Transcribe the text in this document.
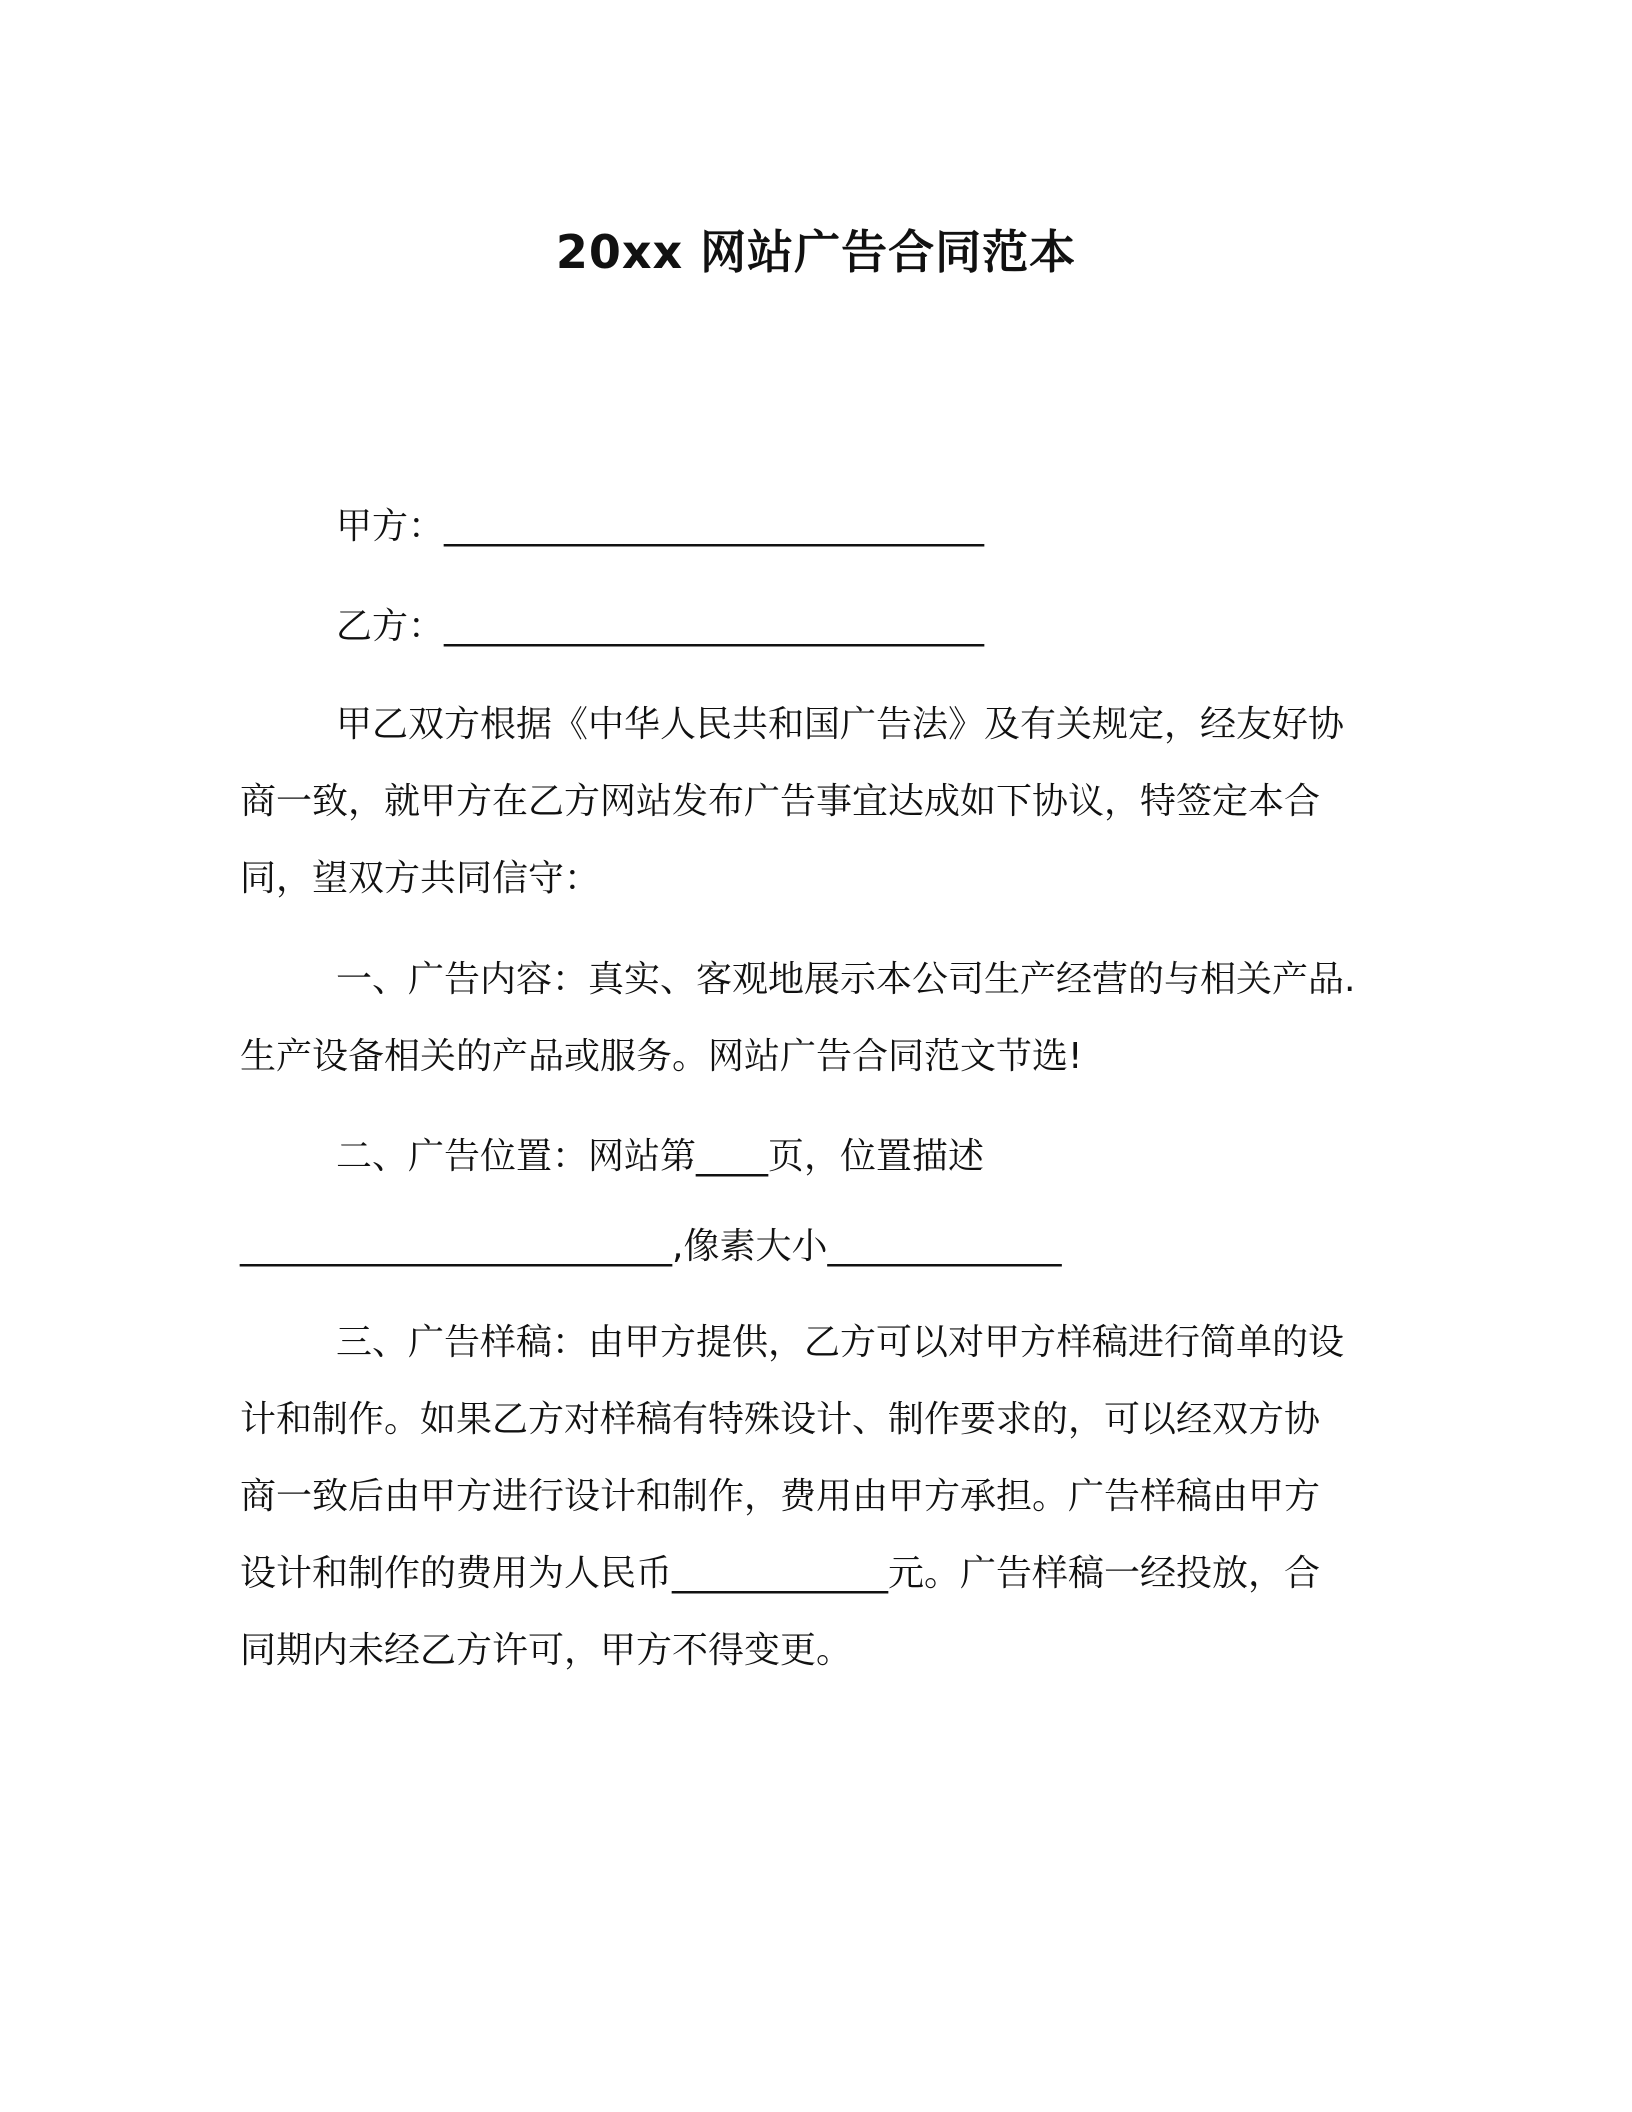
20xx 网站广告合同范本
甲方：______________________________
乙方：______________________________
甲乙双方根据《中华人民共和国广告法》及有关规定，经友好协
商一致，就甲方在乙方网站发布广告事宜达成如下协议，特签定本合
同，望双方共同信守：
一、广告内容：真实、客观地展示本公司生产经营的与相关产品.
生产设备相关的产品或服务。网站广告合同范文节选!
二、广告位置：网站第____页，位置描述
________________________,像素大小_____________
三、广告样稿：由甲方提供，乙方可以对甲方样稿进行简单的设
计和制作。如果乙方对样稿有特殊设计、制作要求的，可以经双方协
商一致后由甲方进行设计和制作，费用由甲方承担。广告样稿由甲方
设计和制作的费用为人民币____________元。广告样稿一经投放，合
同期内未经乙方许可，甲方不得变更。
